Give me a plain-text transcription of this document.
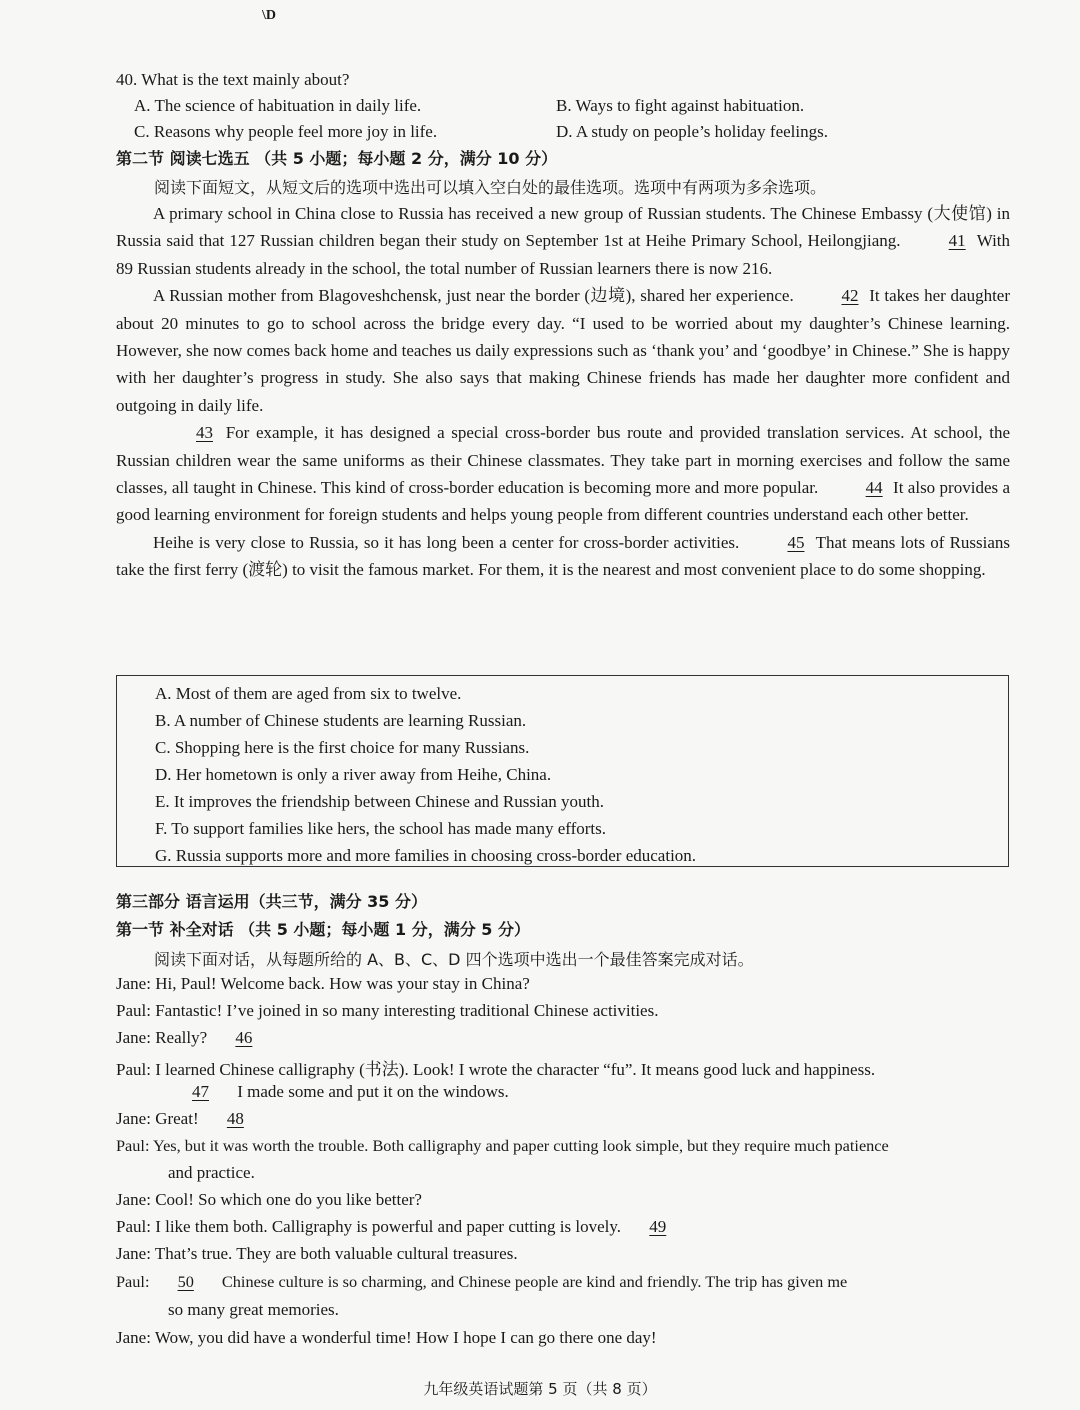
\D
40. What is the text mainly about?
A. The science of habituation in daily life.	B. Ways to fight against habituation.
C. Reasons why people feel more joy in life.	D. A study on people’s holiday feelings.
第二节 阅读七选五 （共 5 小题；每小题 2 分，满分 10 分）
阅读下面短文，从短文后的选项中选出可以填入空白处的最佳选项。选项中有两项为多余选项。

A primary school in China close to Russia has received a new group of Russian students. The Chinese Embassy (大使馆) in Russia said that 127 Russian children began their study on September 1st at Heihe Primary School, Heilongjiang.	41 With 89 Russian students already in the school, the total number of Russian learners there is now 216.

A Russian mother from Blagoveshchensk, just near the border (边境), shared her experience.	42 It takes her daughter about 20 minutes to go to school across the bridge every day. “I used to be worried about my daughter’s Chinese learning. However, she now comes back home and teaches us daily expressions such as ‘thank you’ and ‘goodbye’ in Chinese.” She is happy with her daughter’s progress in study. She also says that making Chinese friends has made her daughter more confident and outgoing in daily life.

43 For example, it has designed a special cross-border bus route and provided translation services. At school, the Russian children wear the same uniforms as their Chinese classmates. They take part in morning exercises and follow the same classes, all taught in Chinese. This kind of cross-border education is becoming more and more popular.	44 It also provides a good learning environment for foreign students and helps young people from different countries understand each other better.

Heihe is very close to Russia, so it has long been a center for cross-border activities.	45 That means lots of Russians take the first ferry (渡轮) to visit the famous market. For them, it is the nearest and most convenient place to do some shopping.

A. Most of them are aged from six to twelve.
B. A number of Chinese students are learning Russian.
C. Shopping here is the first choice for many Russians.
D. Her hometown is only a river away from Heihe, China.
E. It improves the friendship between Chinese and Russian youth.
F. To support families like hers, the school has made many efforts.
G. Russia supports more and more families in choosing cross-border education.
第三部分 语言运用（共三节，满分 35 分）
第一节 补全对话 （共 5 小题；每小题 1 分，满分 5 分）
阅读下面对话，从每题所给的 A、B、C、D 四个选项中选出一个最佳答案完成对话。
Jane: Hi, Paul! Welcome back. How was your stay in China?
Paul: Fantastic! I’ve joined in so many interesting traditional Chinese activities.
Jane: Really? 46
Paul: I learned Chinese calligraphy (书法). Look! I wrote the character “fu”. It means good luck and happiness.
47 I made some and put it on the windows.
Jane: Great! 48
Paul: Yes, but it was worth the trouble. Both calligraphy and paper cutting look simple, but they require much patience
and practice.
Jane: Cool! So which one do you like better?
Paul: I like them both. Calligraphy is powerful and paper cutting is lovely. 49
Jane: That’s true. They are both valuable cultural treasures.
Paul: 50 Chinese culture is so charming, and Chinese people are kind and friendly. The trip has given me
so many great memories.
Jane: Wow, you did have a wonderful time! How I hope I can go there one day!
九年级英语试题第 5 页（共 8 页）
